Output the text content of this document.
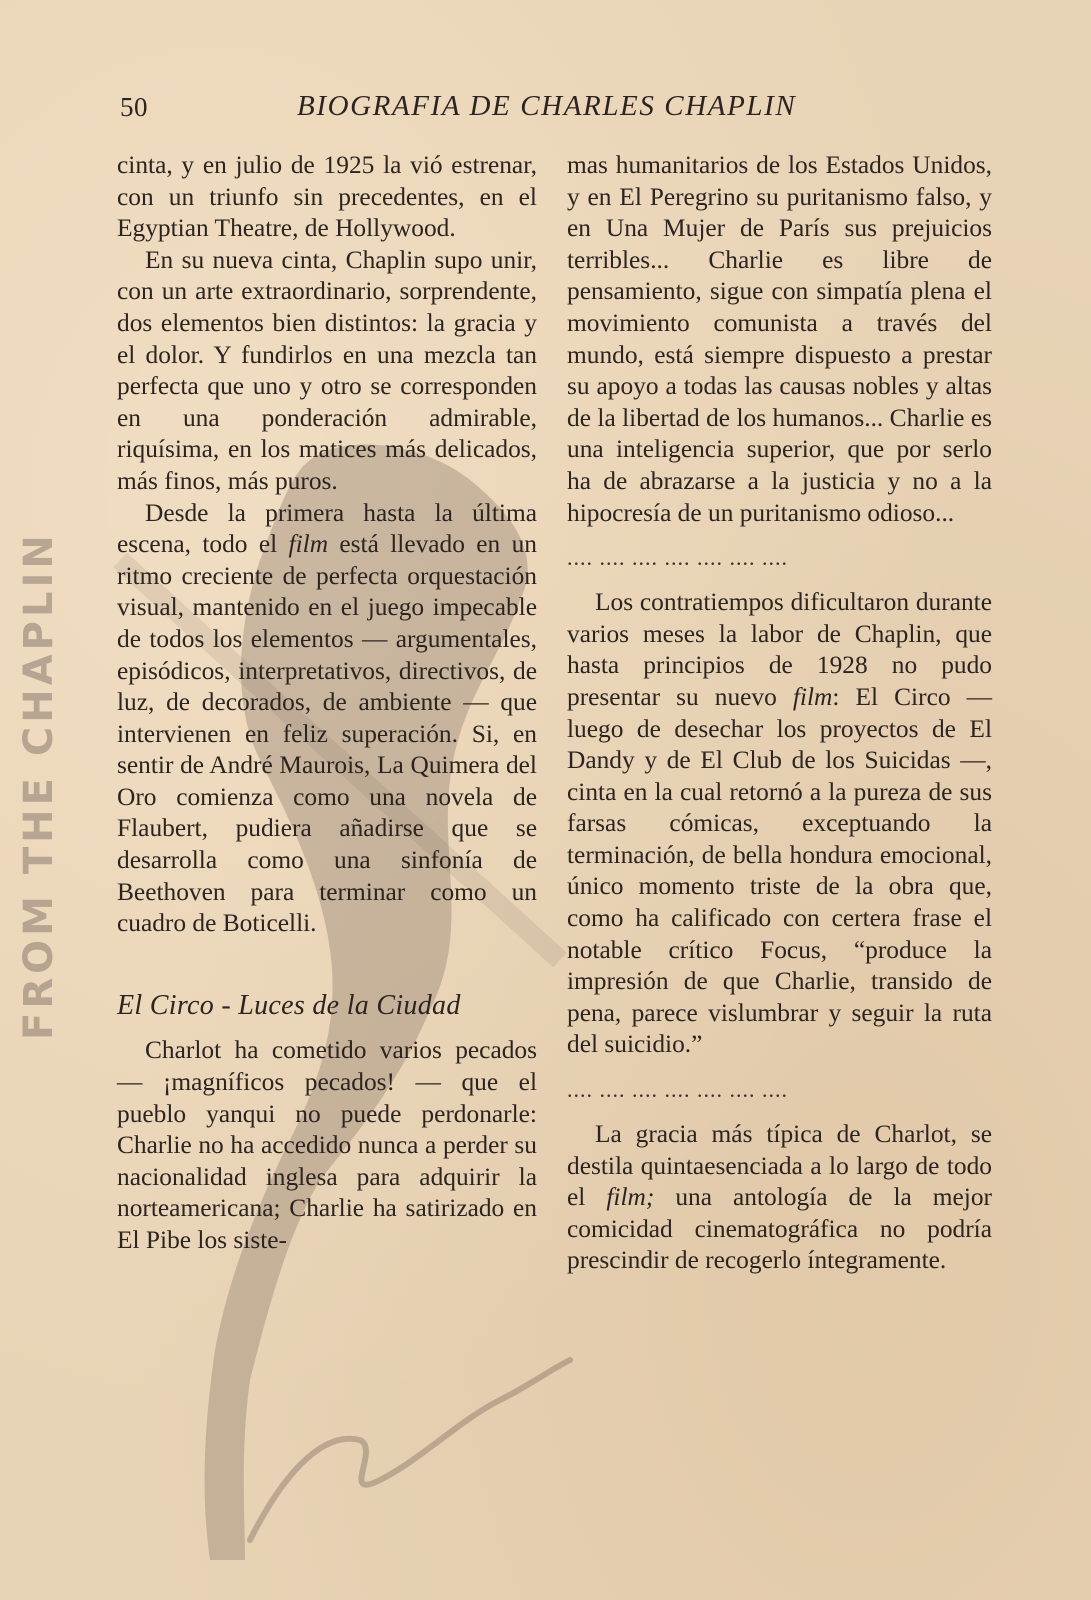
FROM THE CHAPLIN
50	BIOGRAFIA DE CHARLES CHAPLIN

cinta, y en julio de 1925 la vió estrenar, con un triunfo sin precedentes, en el Egyptian Theatre, de Hollywood.

En su nueva cinta, Chaplin supo unir, con un arte extraordinario, sorprendente, dos elementos bien distintos: la gracia y el dolor. Y fundirlos en una mezcla tan perfecta que uno y otro se corresponden en una ponderación admirable, riquísima, en los matices más delicados, más finos, más puros.

Desde la primera hasta la última escena, todo el film está llevado en un ritmo creciente de perfecta orquestación visual, mantenido en el juego impecable de todos los elementos — argumentales, episódicos, interpretativos, directivos, de luz, de decorados, de ambiente — que intervienen en feliz superación. Si, en sentir de André Maurois, La Quimera del Oro comienza como una novela de Flaubert, pudiera añadirse que se desarrolla como una sinfonía de Beethoven para terminar como un cuadro de Boticelli.

El Circo - Luces de la Ciudad

Charlot ha cometido varios pecados — ¡magníficos pecados! — que el pueblo yanqui no puede perdonarle: Charlie no ha accedido nunca a perder su nacionalidad inglesa para adquirir la norteamericana; Charlie ha satirizado en El Pibe los siste-

mas humanitarios de los Estados Unidos, y en El Peregrino su puritanismo falso, y en Una Mujer de París sus prejuicios terribles... Charlie es libre de pensamiento, sigue con simpatía plena el movimiento comunista a través del mundo, está siempre dispuesto a prestar su apoyo a todas las causas nobles y altas de la libertad de los humanos... Charlie es una inteligencia superior, que por serlo ha de abrazarse a la justicia y no a la hipocresía de un puritanismo odioso...

.... .... .... .... .... .... ....

Los contratiempos dificultaron durante varios meses la labor de Chaplin, que hasta principios de 1928 no pudo presentar su nuevo film: El Circo — luego de desechar los proyectos de El Dandy y de El Club de los Suicidas —, cinta en la cual retornó a la pureza de sus farsas cómicas, exceptuando la terminación, de bella hondura emocional, único momento triste de la obra que, como ha calificado con certera frase el notable crítico Focus, “produce la impresión de que Charlie, transido de pena, parece vislumbrar y seguir la ruta del suicidio.”

.... .... .... .... .... .... ....

La gracia más típica de Charlot, se destila quintaesenciada a lo largo de todo el film; una antología de la mejor comicidad cinematográfica no podría prescindir de recogerlo íntegramente.
